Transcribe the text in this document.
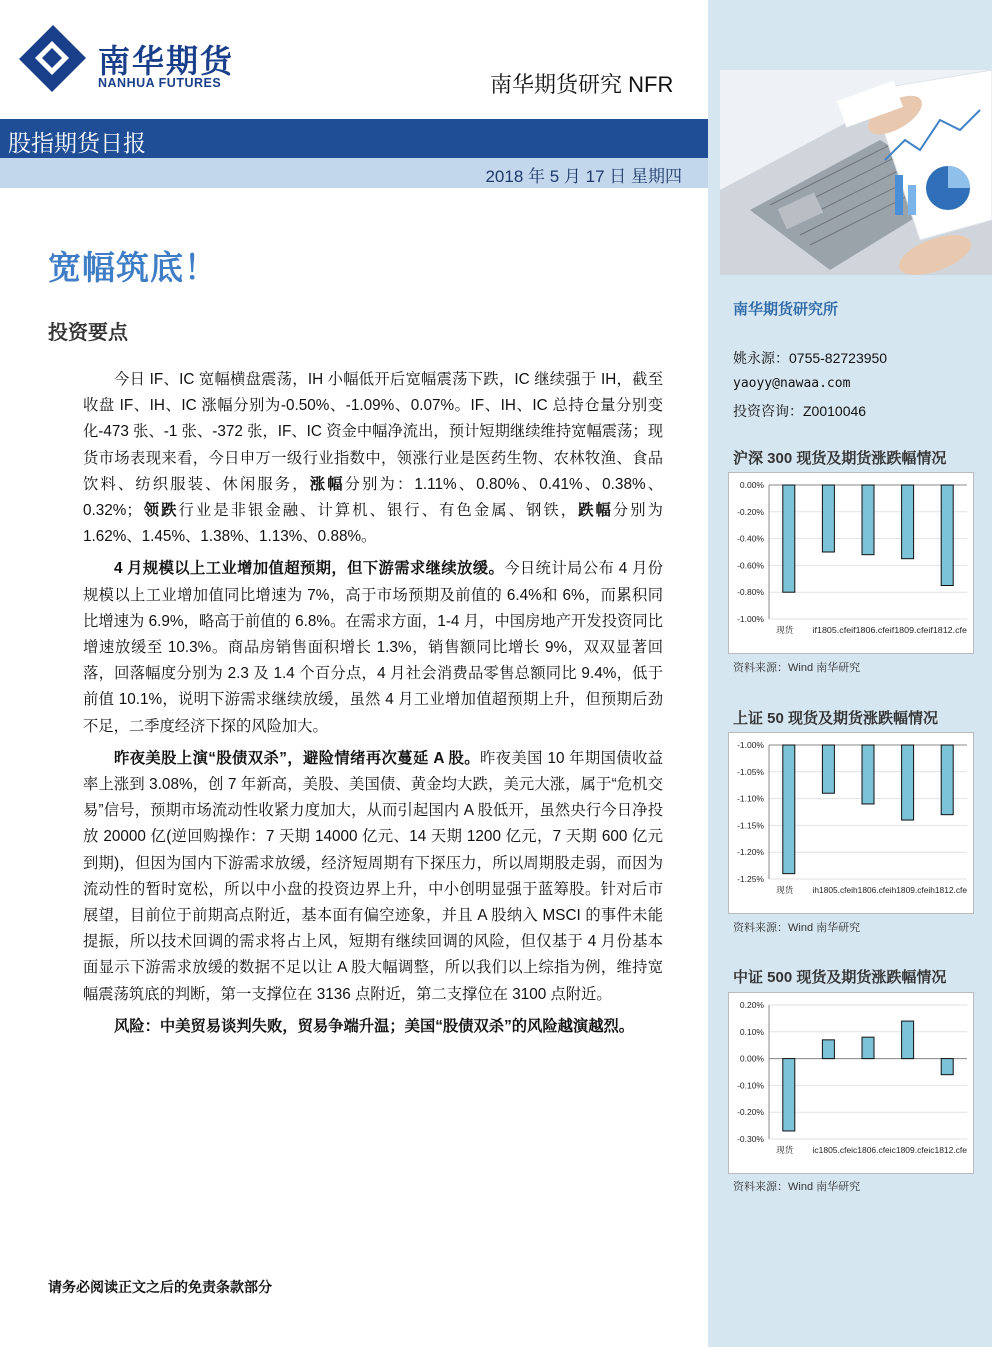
南华期货
NANHUA FUTURES	南华期货研究 NFR
股指期货日报
2018 年 5 月 17 日 星期四
宽幅筑底！
投资要点

今日 IF、IC 宽幅横盘震荡，IH 小幅低开后宽幅震荡下跌，IC 继续强于 IH，截至收盘 IF、IH、IC 涨幅分别为-0.50%、-1.09%、0.07%。IF、IH、IC 总持仓量分别变化-473 张、-1 张、-372 张，IF、IC 资金中幅净流出，预计短期继续维持宽幅震荡；现货市场表现来看，今日申万一级行业指数中，领涨行业是医药生物、农林牧渔、食品饮料、纺织服装、休闲服务，涨幅分别为：1.11%、0.80%、0.41%、0.38%、0.32%；领跌行业是非银金融、计算机、银行、有色金属、钢铁，跌幅分别为 1.62%、1.45%、1.38%、1.13%、0.88%。

4 月规模以上工业增加值超预期，但下游需求继续放缓。今日统计局公布 4 月份规模以上工业增加值同比增速为 7%，高于市场预期及前值的 6.4%和 6%，而累积同比增速为 6.9%，略高于前值的 6.8%。在需求方面，1-4 月，中国房地产开发投资同比增速放缓至 10.3%。商品房销售面积增长 1.3%，销售额同比增长 9%，双双显著回落，回落幅度分别为 2.3 及 1.4 个百分点，4 月社会消费品零售总额同比 9.4%，低于前值 10.1%，说明下游需求继续放缓，虽然 4 月工业增加值超预期上升，但预期后劲不足，二季度经济下探的风险加大。

昨夜美股上演“股债双杀”，避险情绪再次蔓延 A 股。昨夜美国 10 年期国债收益率上涨到 3.08%，创 7 年新高，美股、美国债、黄金均大跌，美元大涨，属于“危机交易”信号，预期市场流动性收紧力度加大，从而引起国内 A 股低开，虽然央行今日净投放 20000 亿(逆回购操作：7 天期 14000 亿元、14 天期 1200 亿元，7 天期 600 亿元到期)，但因为国内下游需求放缓，经济短周期有下探压力，所以周期股走弱，而因为流动性的暂时宽松，所以中小盘的投资边界上升，中小创明显强于蓝筹股。针对后市展望，目前位于前期高点附近，基本面有偏空迹象，并且 A 股纳入 MSCI 的事件未能提振，所以技术回调的需求将占上风，短期有继续回调的风险，但仅基于 4 月份基本面显示下游需求放缓的数据不足以让 A 股大幅调整，所以我们以上综指为例，维持宽幅震荡筑底的判断，第一支撑位在 3136 点附近，第二支撑位在 3100 点附近。

风险：中美贸易谈判失败，贸易争端升温；美国“股债双杀”的风险越演越烈。

请务必阅读正文之后的免责条款部分
南华期货研究所
姚永源：0755-82723950
yaoyy@nawaa.com
投资咨询：Z0010046
沪深 300 现货及期货涨跌幅情况
0.00%
-0.20%
-0.40%
-0.60%
-0.80%
-1.00%
现货 if1805.cfeif1806.cfeif1809.cfeif1812.cfe
资料来源：Wind 南华研究
上证 50 现货及期货涨跌幅情况
-1.00%
-1.05%
-1.10%
-1.15%
-1.20%
-1.25%
现货 ih1805.cfeih1806.cfeih1809.cfeih1812.cfe
资料来源：Wind 南华研究
中证 500 现货及期货涨跌幅情况
0.20%
0.10%
0.00%
-0.10%
-0.20%
-0.30%
现货 ic1805.cfeic1806.cfeic1809.cfeic1812.cfe
资料来源：Wind 南华研究
